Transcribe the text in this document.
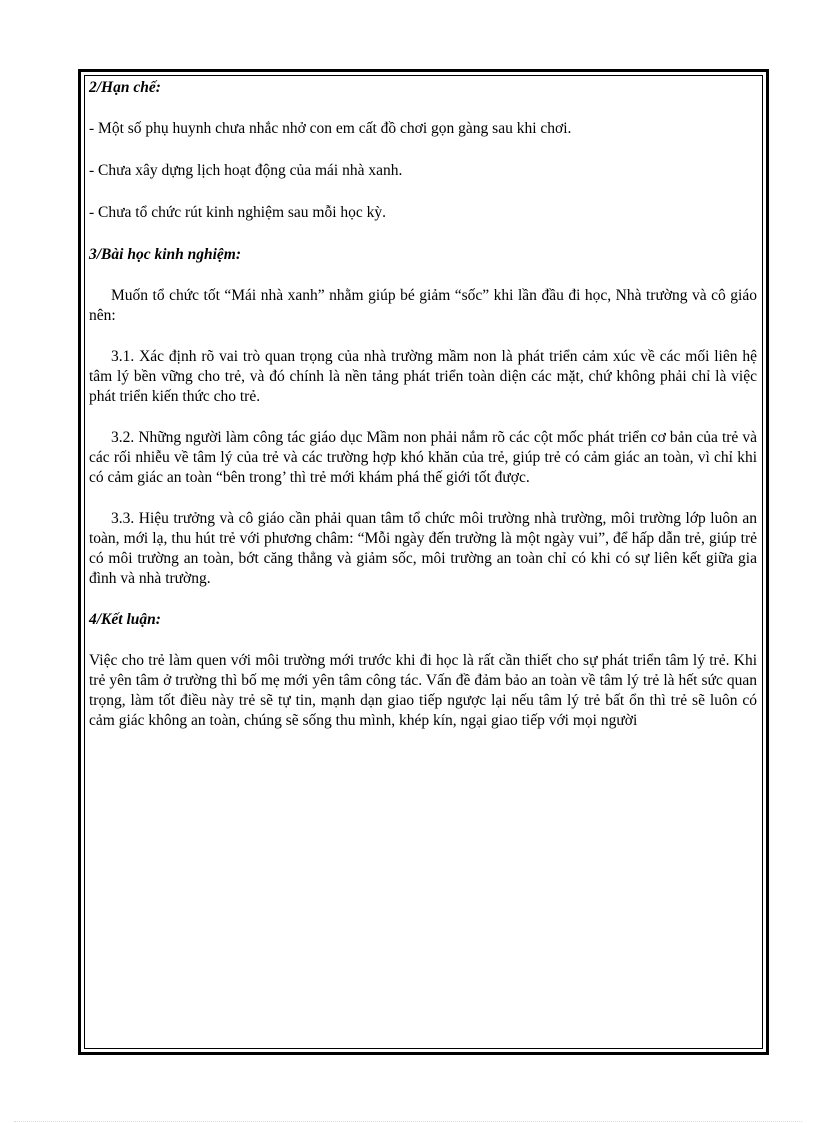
2/Hạn chế:

- Một số phụ huynh chưa nhắc nhở con em cất đồ chơi gọn gàng sau khi chơi.

- Chưa xây dựng lịch hoạt động của mái nhà xanh.

- Chưa tổ chức rút kinh nghiệm sau mỗi học kỳ.

3/Bài học kinh nghiệm:

Muốn tổ chức tốt “Mái nhà xanh” nhằm giúp bé giảm “sốc” khi lần đầu đi học, Nhà trường và cô giáo nên:

3.1. Xác định rõ vai trò quan trọng của nhà trường mầm non là phát triển cảm xúc về các mối liên hệ tâm lý bền vững cho trẻ, và đó chính là nền tảng phát triển toàn diện các mặt, chứ không phải chỉ là việc phát triển kiến thức cho trẻ.

3.2. Những người làm công tác giáo dục Mầm non phải nắm rõ các cột mốc phát triển cơ bản của trẻ và các rối nhiễu về tâm lý của trẻ và các trường hợp khó khăn của trẻ, giúp trẻ có cảm giác an toàn, vì chỉ khi có cảm giác an toàn “bên trong’ thì trẻ mới khám phá thế giới tốt được.

3.3. Hiệu trưởng và cô giáo cần phải quan tâm tổ chức môi trường nhà trường, môi trường lớp luôn an toàn, mới lạ, thu hút trẻ với phương châm: “Mỗi ngày đến trường là một ngày vui”, để hấp dẫn trẻ, giúp trẻ có môi trường an toàn, bớt căng thẳng và giảm sốc, môi trường an toàn chỉ có khi có sự liên kết giữa gia đình và nhà trường.

4/Kết luận:

Việc cho trẻ làm quen với môi trường mới trước khi đi học là rất cần thiết cho sự phát triển tâm lý trẻ. Khi trẻ yên tâm ở trường thì bố mẹ mới yên tâm công tác. Vấn đề đảm bảo an toàn về tâm lý trẻ là hết sức quan trọng, làm tốt điều này trẻ sẽ tự tin, mạnh dạn giao tiếp ngược lại nếu tâm lý trẻ bất ổn thì trẻ sẽ luôn có cảm giác không an toàn, chúng sẽ sống thu mình, khép kín, ngại giao tiếp với mọi người
